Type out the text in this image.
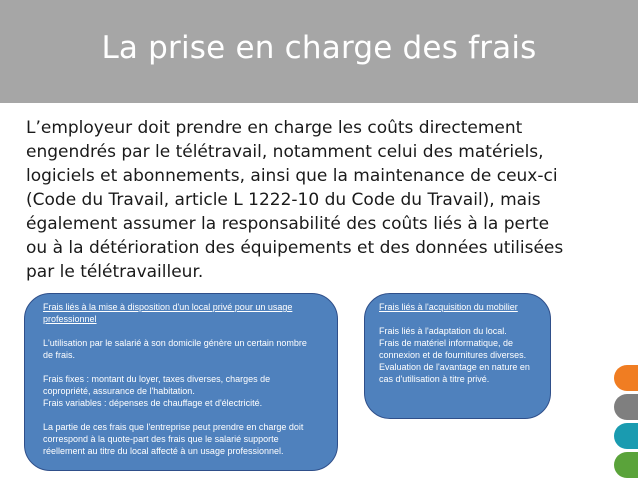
La prise en charge des frais

L’employeur doit prendre en charge les coûts directement engendrés par le télétravail, notamment celui des matériels, logiciels et abonnements, ainsi que la maintenance de ceux-ci (Code du Travail, article L 1222-10 du Code du Travail), mais également assumer la responsabilité des coûts liés à la perte ou à la détérioration des équipements et des données utilisées par le télétravailleur.

Frais liés à la mise à disposition d'un local privé pour un usage professionnel

L'utilisation par le salarié à son domicile génère un certain nombre de frais.

Frais fixes : montant du loyer, taxes diverses, charges de copropriété, assurance de l'habitation.

Frais variables : dépenses de chauffage et d'électricité.

La partie de ces frais que l'entreprise peut prendre en charge doit correspond à la quote-part des frais que le salarié supporte réellement au titre du local affecté à un usage professionnel.

Frais liés à l'acquisition du mobilier

Frais liés à l'adaptation du local.

Frais de matériel informatique, de connexion et de fournitures diverses.

Evaluation de l'avantage en nature en cas d'utilisation à titre privé.
